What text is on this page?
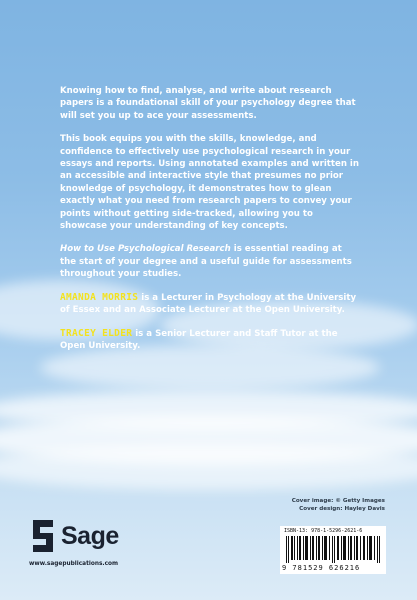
Knowing how to find, analyse, and write about research papers is a foundational skill of your psychology degree that will set you up to ace your assessments.

This book equips you with the skills, knowledge, and confidence to effectively use psychological research in your essays and reports. Using annotated examples and written in an accessible and interactive style that presumes no prior knowledge of psychology, it demonstrates how to glean exactly what you need from research papers to convey your points without getting side-tracked, allowing you to showcase your understanding of key concepts.

How to Use Psychological Research is essential reading at the start of your degree and a useful guide for assessments throughout your studies.

AMANDA MORRIS is a Lecturer in Psychology at the University of Essex and an Associate Lecturer at the Open University.

TRACEY ELDER is a Senior Lecturer and Staff Tutor at the Open University.

Cover image: © Getty Images
Cover design: Hayley Davis
ISBN-13: 978-1-5296-2621-6
9 781529 626216
Sage
www.sagepublications.com
